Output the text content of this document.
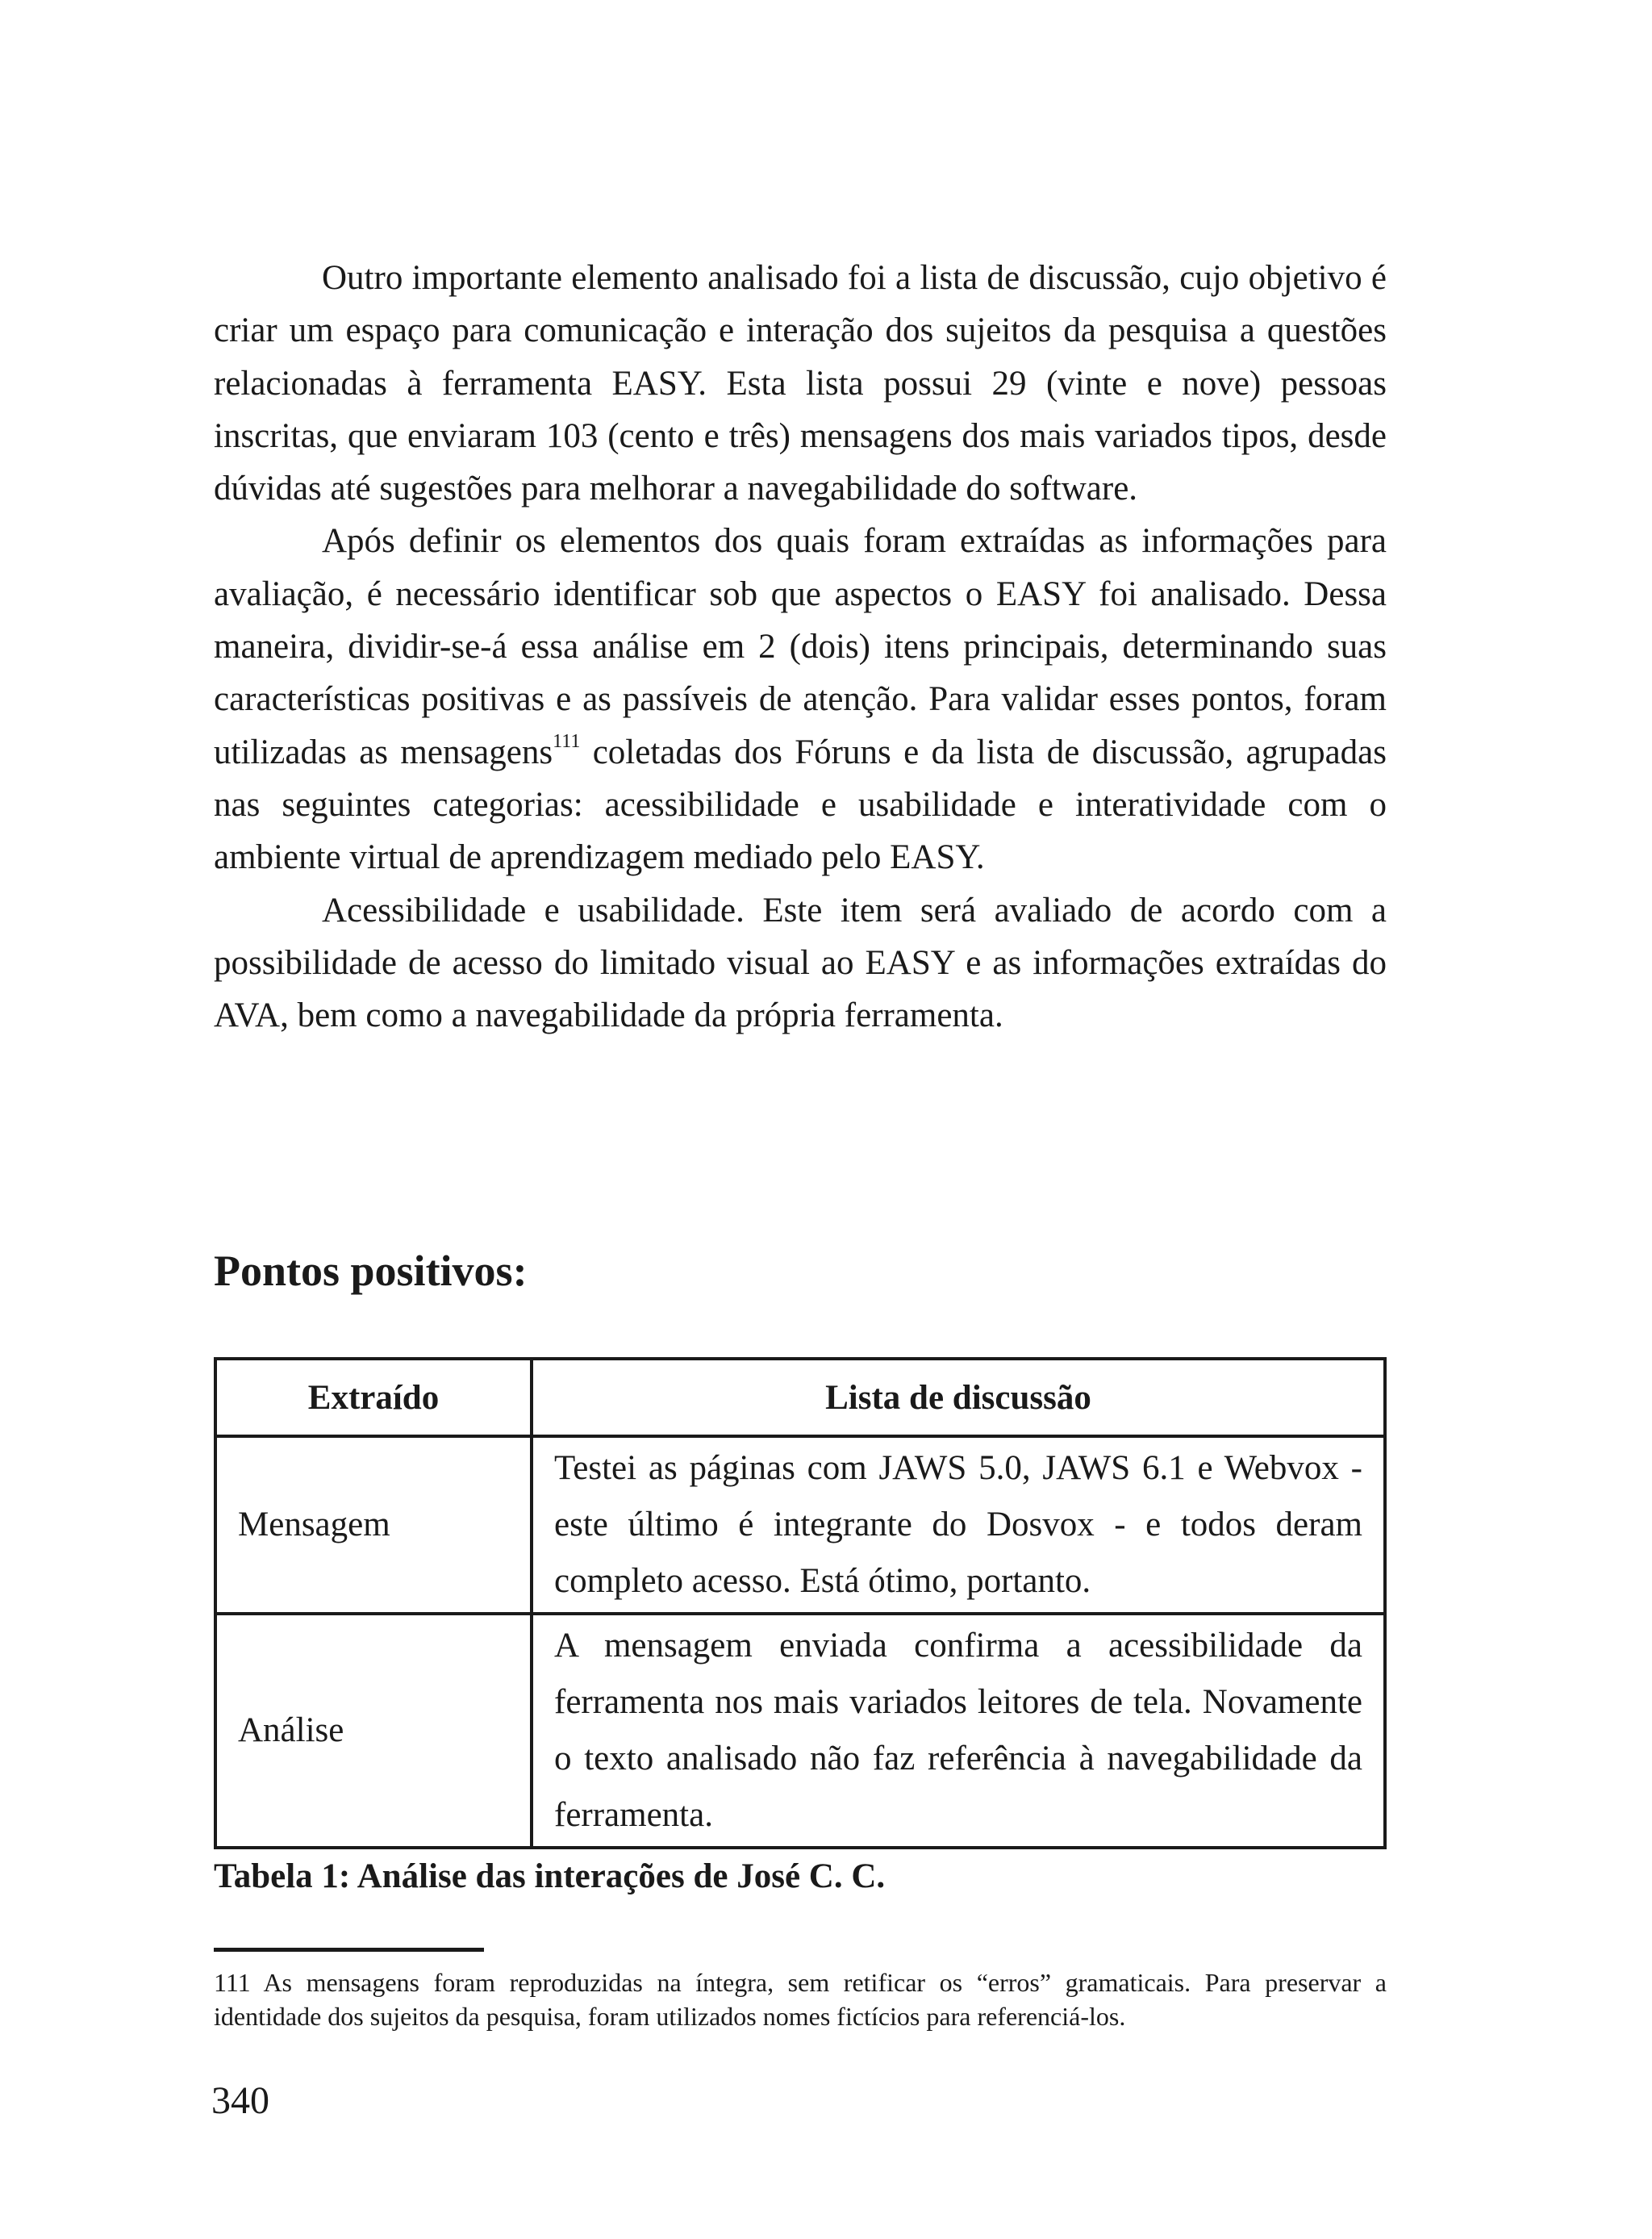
Outro importante elemento analisado foi a lista de discussão, cujo objetivo é criar um espaço para comunicação e interação dos sujeitos da pesquisa a questões relacionadas à ferramenta EASY. Esta lista possui 29 (vinte e nove) pessoas inscritas, que enviaram 103 (cento e três) mensagens dos mais variados tipos, desde dúvidas até sugestões para melhorar a navegabilidade do software.

Após definir os elementos dos quais foram extraídas as informações para avaliação, é necessário identificar sob que aspectos o EASY foi analisado. Dessa maneira, dividir-se-á essa análise em 2 (dois) itens principais, determinando suas características positivas e as passíveis de atenção. Para validar esses pontos, foram utilizadas as mensagens$^{111}$ coletadas dos Fóruns e da lista de discussão, agrupadas nas seguintes categorias: acessibilidade e usabilidade e interatividade com o ambiente virtual de aprendizagem mediado pelo EASY.

Acessibilidade e usabilidade. Este item será avaliado de acordo com a possibilidade de acesso do limitado visual ao EASY e as informações extraídas do AVA, bem como a navegabilidade da própria ferramenta.

Pontos positivos:
Extraído	Lista de discussão
Mensagem	Testei as páginas com JAWS 5.0, JAWS 6.1 e Webvox - este último é integrante do Dosvox - e todos deram completo acesso. Está ótimo, portanto.
Análise	A mensagem enviada confirma a acessibilidade da ferramenta nos mais variados leitores de tela. Novamente o texto analisado não faz referência à navegabilidade da ferramenta.

Tabela 1: Análise das interações de José C. C.

111 As mensagens foram reproduzidas na íntegra, sem retificar os “erros” gramaticais. Para preservar a identidade dos sujeitos da pesquisa, foram utilizados nomes fictícios para referenciá-los.

340
